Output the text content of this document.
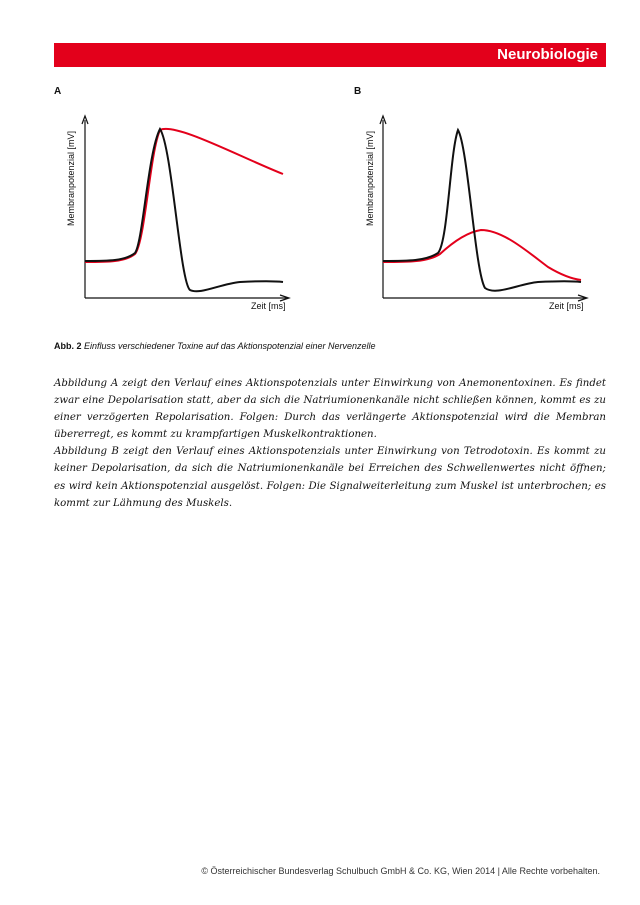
Neurobiologie
A
Membranpotenzial [mV]
Zeit [ms]
B
Membranpotenzial [mV]
Zeit [ms]
Abb. 2 Einfluss verschiedener Toxine auf das Aktionspotenzial einer Nervenzelle

Abbildung A zeigt den Verlauf eines Aktionspotenzials unter Einwirkung von Anemonentoxinen. Es findet zwar eine Depolarisation statt, aber da sich die Natriumionenkanäle nicht schließen können, kommt es zu einer verzögerten Repolarisation. Folgen: Durch das verlängerte Aktionspotenzial wird die Membran übererregt, es kommt zu krampfartigen Muskelkontraktionen.

Abbildung B zeigt den Verlauf eines Aktionspotenzials unter Einwirkung von Tetrodotoxin. Es kommt zu keiner Depolarisation, da sich die Natriumionenkanäle bei Erreichen des Schwellenwertes nicht öffnen; es wird kein Aktionspotenzial ausgelöst. Folgen: Die Signalweiterleitung zum Muskel ist unterbrochen; es kommt zur Lähmung des Muskels.

© Österreichischer Bundesverlag Schulbuch GmbH & Co. KG, Wien 2014 | Alle Rechte vorbehalten.
